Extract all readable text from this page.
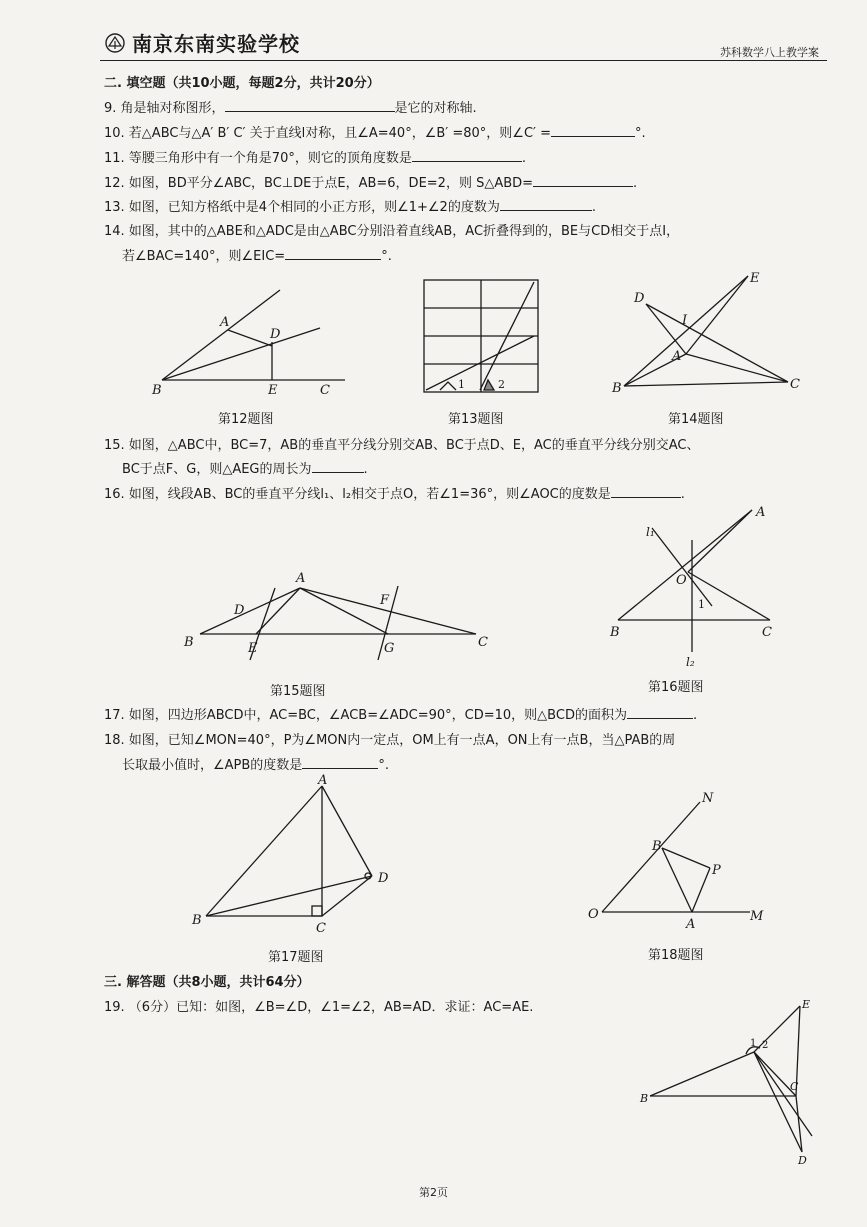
南京东南实验学校	苏科数学八上教学案
二. 填空题（共10小题，每题2分，共计20分）
9. 角是轴对称图形，	是它的对称轴.
10. 若△ABC与△A′ B′ C′ 关于直线l对称，且∠A=40°，∠B′ =80°，则∠C′ =	°.
11. 等腰三角形中有一个角是70°，则它的顶角度数是	.
12. 如图，BD平分∠ABC，BC⊥DE于点E，AB=6，DE=2，则 S△ABD=	.
13. 如图，已知方格纸中是4个相同的小正方形，则∠1+∠2的度数为	.
14. 如图，其中的△ABE和△ADC是由△ABC分别沿着直线AB，AC折叠得到的，BE与CD相交于点I，
若∠BAC=140°，则∠EIC=	°.
A
D
B	E	C
第12题图
1	2
第13题图
D
E
I
A
B	C
第14题图
15. 如图，△ABC中，BC=7，AB的垂直平分线分别交AB、BC于点D、E，AC的垂直平分线分别交AC、
BC于点F、G，则△AEG的周长为	.
16. 如图，线段AB、BC的垂直平分线l₁、l₂相交于点O，若∠1=36°，则∠AOC的度数是	.
A
B	C
D
E
F
G
第15题图
A
B	C
O
1
l₁
l₂
第16题图
17. 如图，四边形ABCD中，AC=BC，∠ACB=∠ADC=90°，CD=10，则△BCD的面积为	.
18. 如图，已知∠MON=40°，P为∠MON内一定点，OM上有一点A，ON上有一点B，当△PAB的周
长取最小值时，∠APB的度数是	°.
A
B
C
D
第17题图
O
N
M
B
P
A
第18题图
三. 解答题（共8小题，共计64分）
19. （6分）已知：如图，∠B=∠D，∠1=∠2，AB=AD．求证：AC=AE.
B
E
C
D
1 2
第2页
